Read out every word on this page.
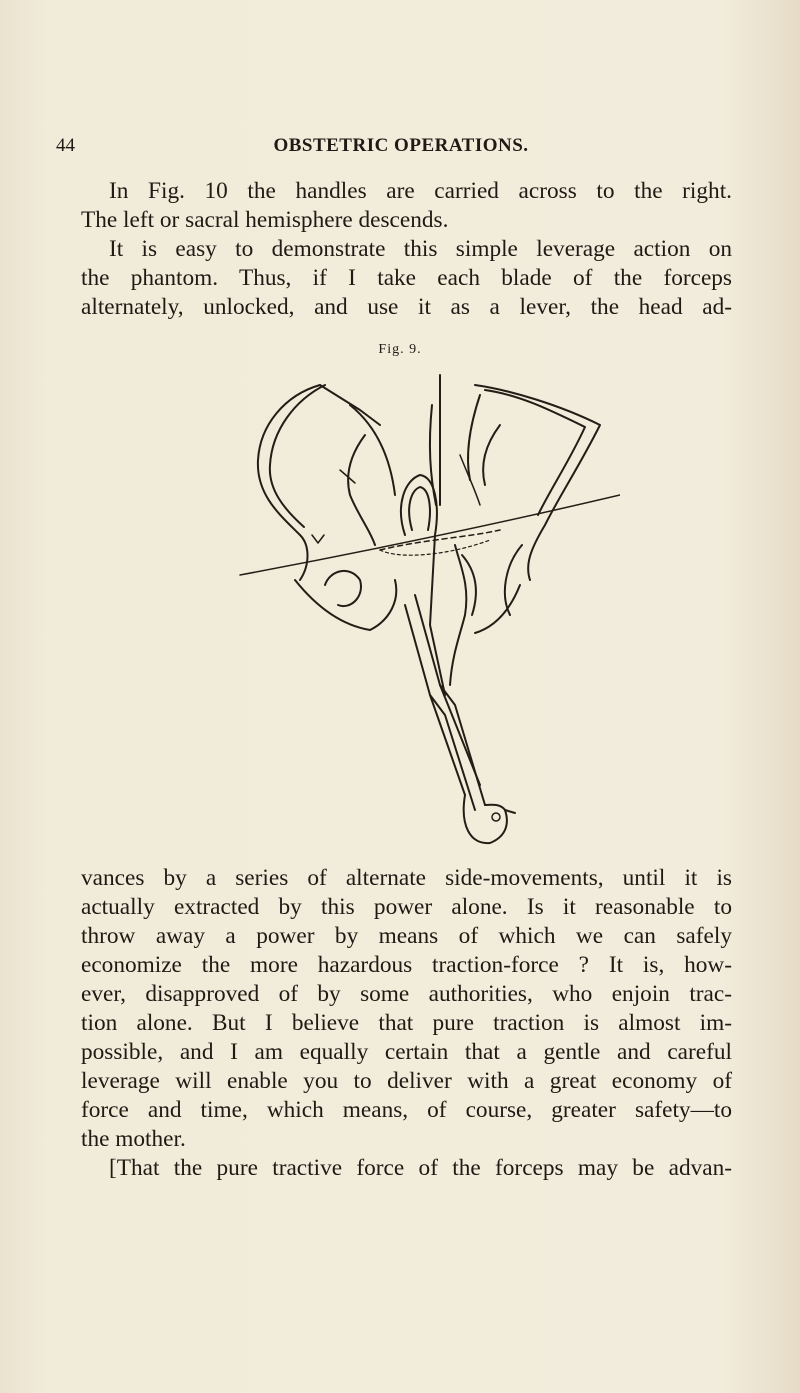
44	OBSTETRIC OPERATIONS.
In Fig. 10 the handles are carried across to the right.
The left or sacral hemisphere descends.
It is easy to demonstrate this simple leverage action on
the phantom. Thus, if I take each blade of the forceps
alternately, unlocked, and use it as a lever, the head ad-
Fig. 9.
vances by a series of alternate side-movements, until it is
actually extracted by this power alone. Is it reasonable to
throw away a power by means of which we can safely
economize the more hazardous traction-force ? It is, how-
ever, disapproved of by some authorities, who enjoin trac-
tion alone. But I believe that pure traction is almost im-
possible, and I am equally certain that a gentle and careful
leverage will enable you to deliver with a great economy of
force and time, which means, of course, greater safety—to
the mother.
[That the pure tractive force of the forceps may be advan-
